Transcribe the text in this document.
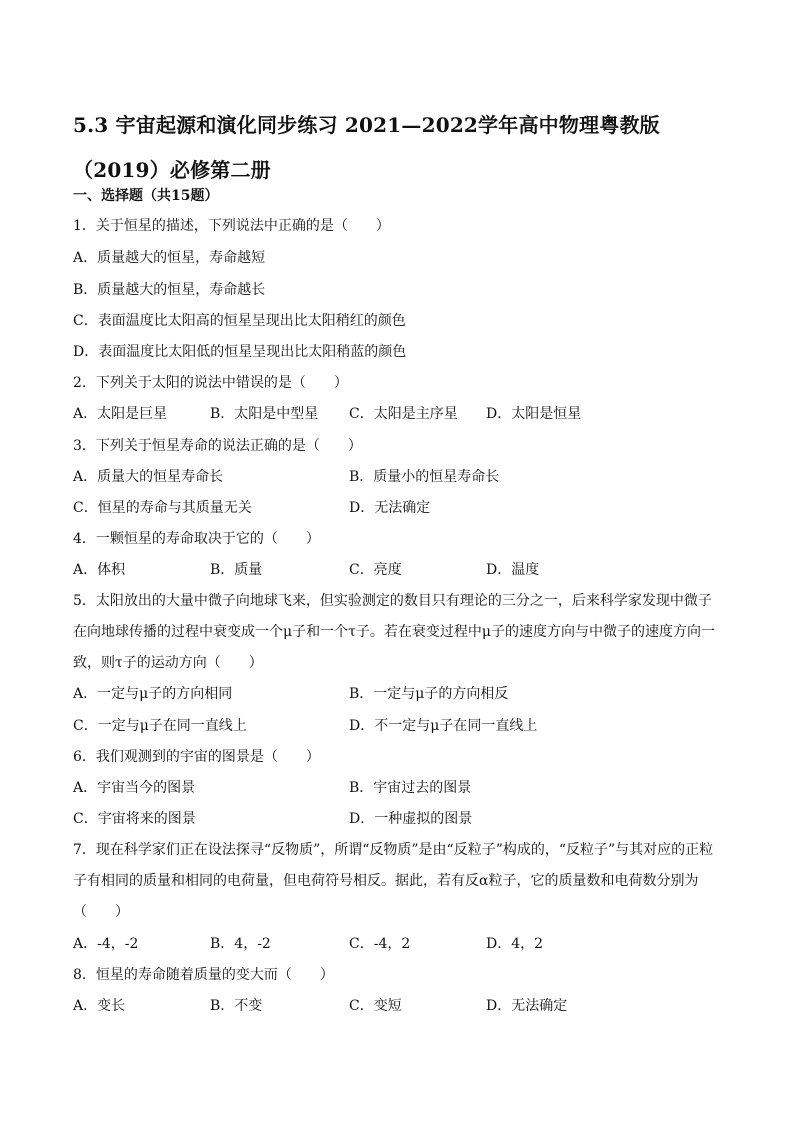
5.3 宇宙起源和演化同步练习 2021—2022学年高中物理粤教版（2019）必修第二册
一、选择题（共15题）
1．关于恒星的描述，下列说法中正确的是（　　）
A．质量越大的恒星，寿命越短
B．质量越大的恒星，寿命越长
C．表面温度比太阳高的恒星呈现出比太阳稍红的颜色
D．表面温度比太阳低的恒星呈现出比太阳稍蓝的颜色
2．下列关于太阳的说法中错误的是（　　）
A．太阳是巨星	B．太阳是中型星 C．太阳是主序星 D．太阳是恒星
3．下列关于恒星寿命的说法正确的是（　　）
A．质量大的恒星寿命长	B．质量小的恒星寿命长
C．恒星的寿命与其质量无关	D．无法确定
4．一颗恒星的寿命取决于它的（　　）
A．体积	B．质量	C．亮度	D．温度
5．太阳放出的大量中微子向地球飞来，但实验测定的数目只有理论的三分之一，后来科学家发现中微子在向地球传播的过程中衰变成一个μ子和一个τ子。若在衰变过程中μ子的速度方向与中微子的速度方向一致，则τ子的运动方向（　　）
A．一定与μ子的方向相同	B．一定与μ子的方向相反
C．一定与μ子在同一直线上	D．不一定与μ子在同一直线上
6．我们观测到的宇宙的图景是（　　）
A．宇宙当今的图景	B．宇宙过去的图景
C．宇宙将来的图景	D．一种虚拟的图景
7．现在科学家们正在设法探寻“反物质”，所谓“反物质”是由“反粒子”构成的，“反粒子”与其对应的正粒子有相同的质量和相同的电荷量，但电荷符号相反。据此，若有反α粒子，它的质量数和电荷数分别为（　　）
A．-4，-2	B．4，-2	C．-4，2	D．4，2
8．恒星的寿命随着质量的变大而（　　）
A．变长	B．不变	C．变短	D．无法确定
